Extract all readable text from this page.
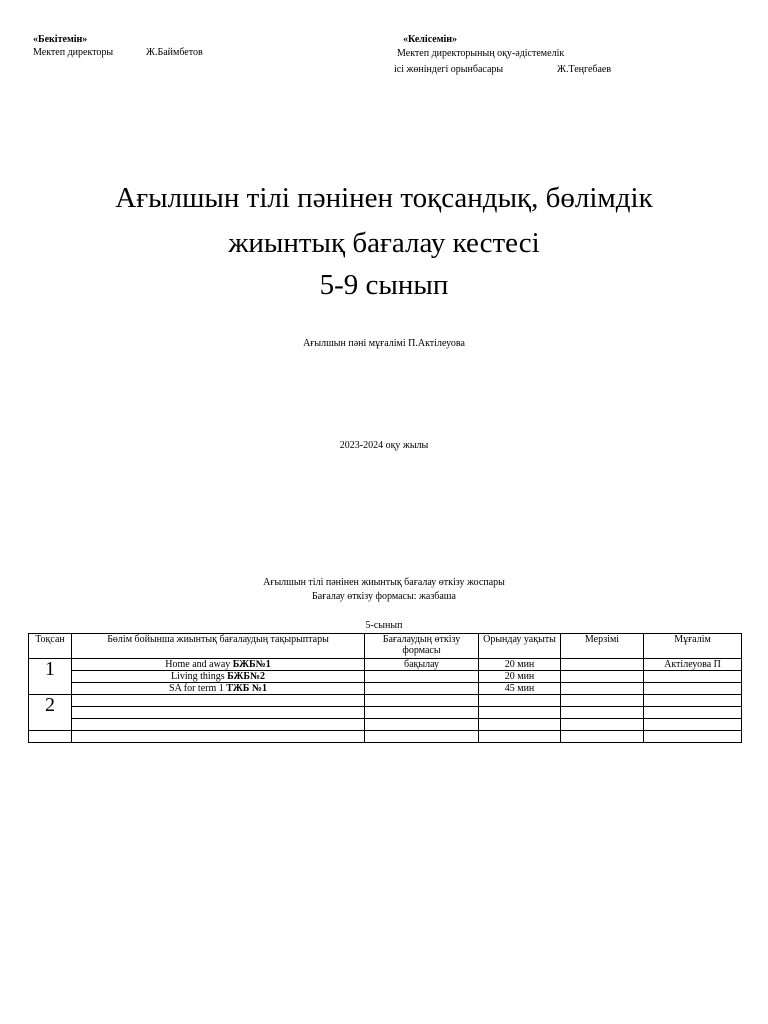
«Бекітемін»
Мектеп директоры	Ж.Баймбетов
«Келісемін»
Мектеп директорының оқу-әдістемелік
ісі жөніндегі орынбасары	Ж.Теңгебаев
Ағылшын тілі пәнінен тоқсандық, бөлімдік
жиынтық бағалау кестесі
5-9 сынып
Ағылшын пәні мұғалімі П.Актілеуова
2023-2024 оқу жылы
Ағылшын тілі пәнінен жиынтық бағалау өткізу жоспары
Бағалау өткізу формасы: жазбаша
5-сынып
Тоқсан	Бөлім бойынша жиынтық бағалаудың тақырыптары	Бағалаудың өткізу формасы	Орындау уақыты	Мерзімі	Мұғалім
1	Home and away БЖБ№1	бақылау	20 мин		Актілеуова П
	Living things БЖБ№2		20 мин		
	SA for term 1 ТЖБ №1		45 мин		
2					
